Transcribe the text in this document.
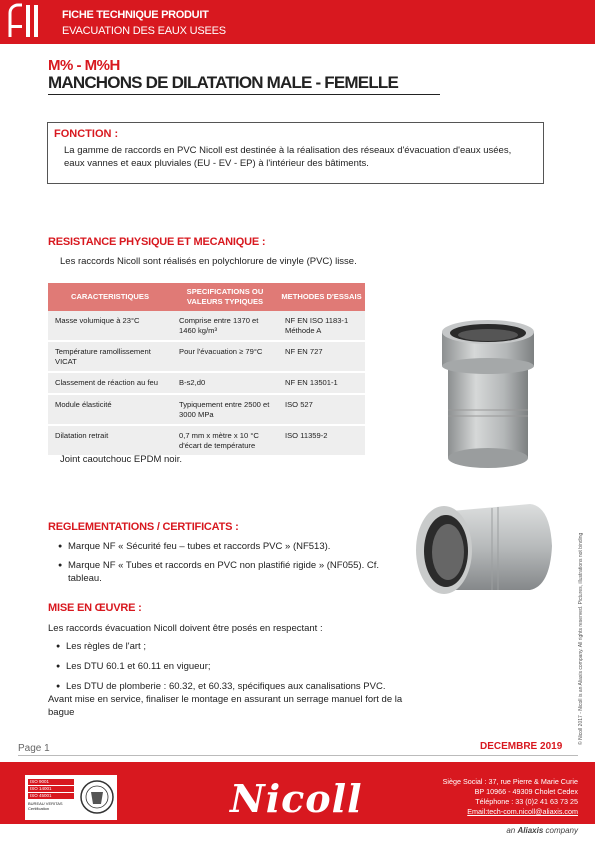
FICHE TECHNIQUE PRODUIT
EVACUATION DES EAUX USEES
M% - M%H
MANCHONS DE DILATATION MALE - FEMELLE
FONCTION :
La gamme de raccords en PVC Nicoll est destinée à la réalisation des réseaux d'évacuation d'eaux usées, eaux vannes et eaux pluviales (EU - EV - EP) à l'intérieur des bâtiments.
RESISTANCE PHYSIQUE ET MECANIQUE :
Les raccords Nicoll sont réalisés en polychlorure de vinyle (PVC) lisse.
CARACTERISTIQUES	SPECIFICATIONS OU VALEURS TYPIQUES	METHODES D'ESSAIS
Masse volumique à 23°C	Comprise entre 1370 et 1460 kg/m³	NF EN ISO 1183-1 Méthode A
Température ramollissement VICAT	Pour l'évacuation ≥ 79°C	NF EN 727
Classement de réaction au feu	B-s2,d0	NF EN 13501-1
Module élasticité	Typiquement entre 2500 et 3000 MPa	ISO 527
Dilatation retrait	0,7 mm x mètre x 10 °C d'écart de température	ISO 11359-2
Joint caoutchouc EPDM noir.
REGLEMENTATIONS / CERTIFICATS :
● Marque NF « Sécurité feu – tubes et raccords PVC » (NF513).
● Marque NF « Tubes et raccords en PVC non plastifié rigide » (NF055). Cf. tableau.
MISE EN ŒUVRE :
Les raccords évacuation Nicoll doivent être posés en respectant :
● Les règles de l'art ;
● Les DTU 60.1 et 60.11 en vigueur;
● Les DTU de plomberie : 60.32, et 60.33, spécifiques aux canalisations PVC.
Avant mise en service, finaliser le montage en assurant un serrage manuel fort de la bague	© Nicoll 2017 - Nicoll is an Aliaxis company. All rights reserved. Pictures, illustrations not binding
Page 1	DECEMBRE 2019
ISO 9001
ISO 14001
ISO 45001
BUREAU VERITAS Certification	Nicoll	Siège Social : 37, rue Pierre & Marie Curie
BP 10966 - 49309 Cholet Cedex
Téléphone : 33 (0)2 41 63 73 25
Email:tech-com.nicoll@aliaxis.com
an Aliaxis company
